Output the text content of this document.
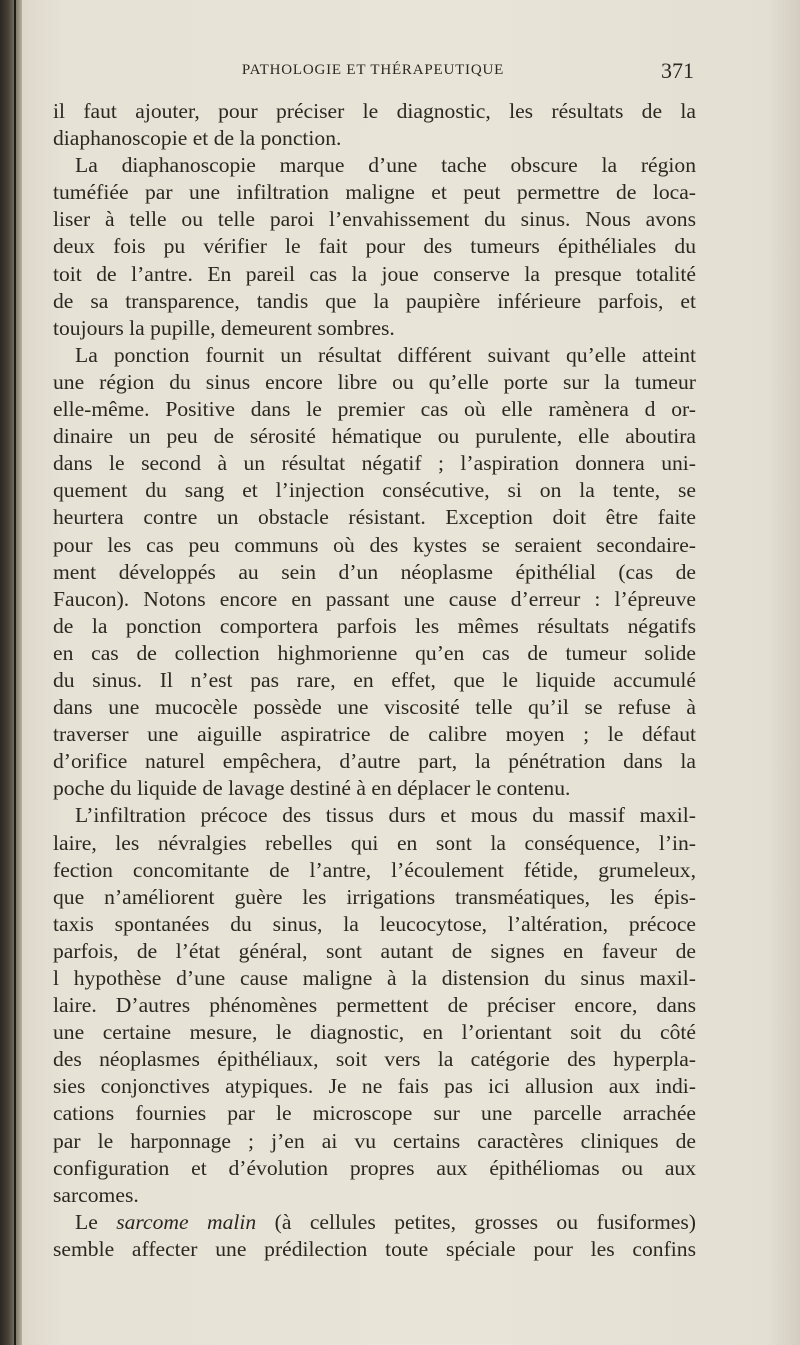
PATHOLOGIE ET THÉRAPEUTIQUE	371
il faut ajouter, pour préciser le diagnostic, les résultats de la
diaphanoscopie et de la ponction.
La diaphanoscopie marque d’une tache obscure la région
tuméfiée par une infiltration maligne et peut permettre de loca-
liser à telle ou telle paroi l’envahissement du sinus. Nous avons
deux fois pu vérifier le fait pour des tumeurs épithéliales du
toit de l’antre. En pareil cas la joue conserve la presque totalité
de sa transparence, tandis que la paupière inférieure parfois, et
toujours la pupille, demeurent sombres.
La ponction fournit un résultat différent suivant qu’elle atteint
une région du sinus encore libre ou qu’elle porte sur la tumeur
elle-même. Positive dans le premier cas où elle ramènera d or-
dinaire un peu de sérosité hématique ou purulente, elle aboutira
dans le second à un résultat négatif ; l’aspiration donnera uni-
quement du sang et l’injection consécutive, si on la tente, se
heurtera contre un obstacle résistant. Exception doit être faite
pour les cas peu communs où des kystes se seraient secondaire-
ment développés au sein d’un néoplasme épithélial (cas de
Faucon). Notons encore en passant une cause d’erreur : l’épreuve
de la ponction comportera parfois les mêmes résultats négatifs
en cas de collection highmorienne qu’en cas de tumeur solide
du sinus. Il n’est pas rare, en effet, que le liquide accumulé
dans une mucocèle possède une viscosité telle qu’il se refuse à
traverser une aiguille aspiratrice de calibre moyen ; le défaut
d’orifice naturel empêchera, d’autre part, la pénétration dans la
poche du liquide de lavage destiné à en déplacer le contenu.
L’infiltration précoce des tissus durs et mous du massif maxil-
laire, les névralgies rebelles qui en sont la conséquence, l’in-
fection concomitante de l’antre, l’écoulement fétide, grumeleux,
que n’améliorent guère les irrigations transméatiques, les épis-
taxis spontanées du sinus, la leucocytose, l’altération, précoce
parfois, de l’état général, sont autant de signes en faveur de
l hypothèse d’une cause maligne à la distension du sinus maxil-
laire. D’autres phénomènes permettent de préciser encore, dans
une certaine mesure, le diagnostic, en l’orientant soit du côté
des néoplasmes épithéliaux, soit vers la catégorie des hyperpla-
sies conjonctives atypiques. Je ne fais pas ici allusion aux indi-
cations fournies par le microscope sur une parcelle arrachée
par le harponnage ; j’en ai vu certains caractères cliniques de
configuration et d’évolution propres aux épithéliomas ou aux
sarcomes.
Le sarcome malin (à cellules petites, grosses ou fusiformes)
semble affecter une prédilection toute spéciale pour les confins
